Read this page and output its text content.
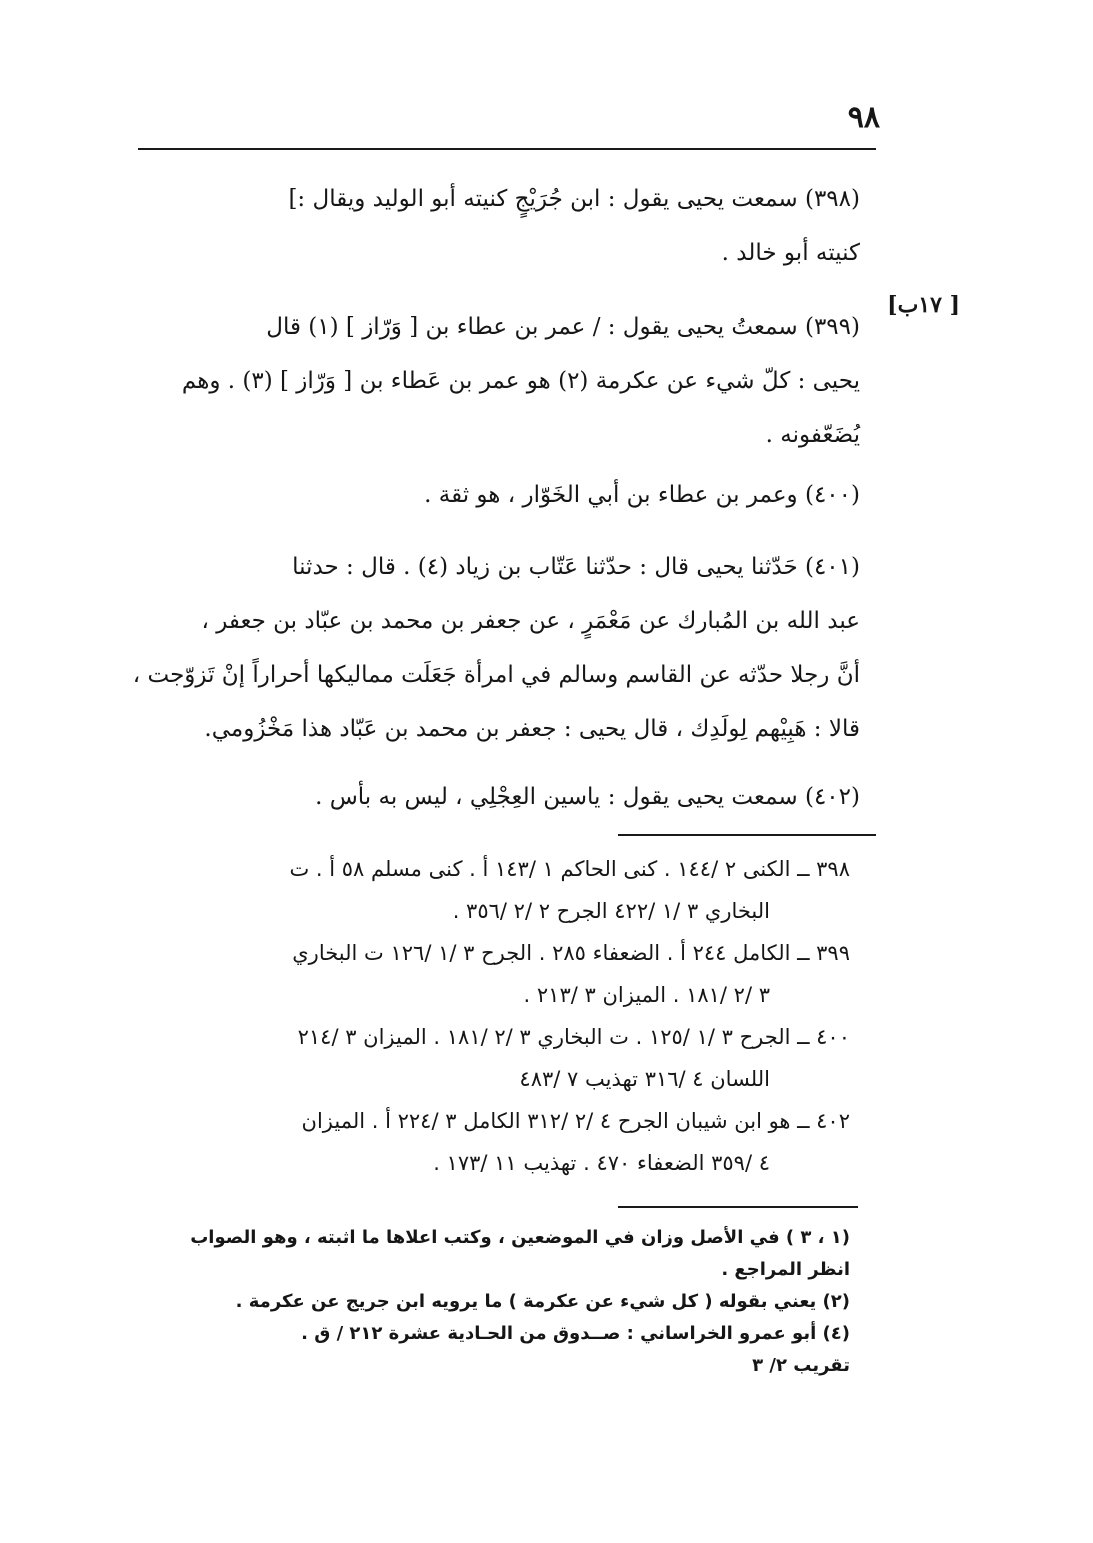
٩٨
[ ١٧ب]
(٣٩٨) سمعت يحيى يقول : ابن جُرَيْجٍ كنيته أبو الوليد ويقال :]
كنيته أبو خالد .
(٣٩٩) سمعتُ يحيى يقول : / عمر بن عطاء بن [ وَرّاز ] (١) قال
يحيى : كلّ شيء عن عكرمة (٢) هو عمر بن عَطاء بن [ وَرّاز ] (٣) . وهم
يُضَعّفونه .
(٤٠٠) وعمر بن عطاء بن أبي الخَوّار ، هو ثقة .
(٤٠١) حَدّثنا يحيى قال : حدّثنا عَتّاب بن زياد (٤) . قال : حدثنا
عبد الله بن المُبارك عن مَعْمَرٍ ، عن جعفر بن محمد بن عبّاد بن جعفر ،
أنَّ رجلا حدّثه عن القاسم وسالم في امرأة جَعَلَت مماليكها أحراراً إنْ تَزوّجت ،
قالا : هَبِيْهم لِولَدِك ، قال يحيى : جعفر بن محمد بن عَبّاد هذا مَخْزُومي.
(٤٠٢) سمعت يحيى يقول : ياسين العِجْلِي ، ليس به بأس .
٣٩٨ ــ الكنى ٢ /١٤٤ . كنى الحاكم ١ /١٤٣ أ . كنى مسلم ٥٨ أ . ت
البخاري ٣ /١ /٤٢٢ الجرح ٢ /٢ /٣٥٦ .
٣٩٩ ــ الكامل ٢٤٤ أ . الضعفاء ٢٨٥ . الجرح ٣ /١ /١٢٦ ت البخاري
٣ /٢ /١٨١ . الميزان ٣ /٢١٣ .
٤٠٠ ــ الجرح ٣ /١ /١٢٥ . ت البخاري ٣ /٢ /١٨١ . الميزان ٣ /٢١٤
اللسان ٤ /٣١٦ تهذيب ٧ /٤٨٣
٤٠٢ ــ هو ابن شيبان الجرح ٤ /٢ /٣١٢ الكامل ٣ /٢٢٤ أ . الميزان
٤ /٣٥٩ الضعفاء ٤٧٠ . تهذيب ١١ /١٧٣ .
(١ ، ٣ ) في الأصل وزان في الموضعين ، وكتب اعلاها ما اثبته ، وهو الصواب
انظر المراجع .
(٢) يعني بقوله ( كل شيء عن عكرمة ) ما يرويه ابن جريج عن عكرمة .
(٤) أبو عمرو الخراساني : صــدوق من الحـادية عشرة ٢١٢ / ق .
تقريب ٢/ ٣
